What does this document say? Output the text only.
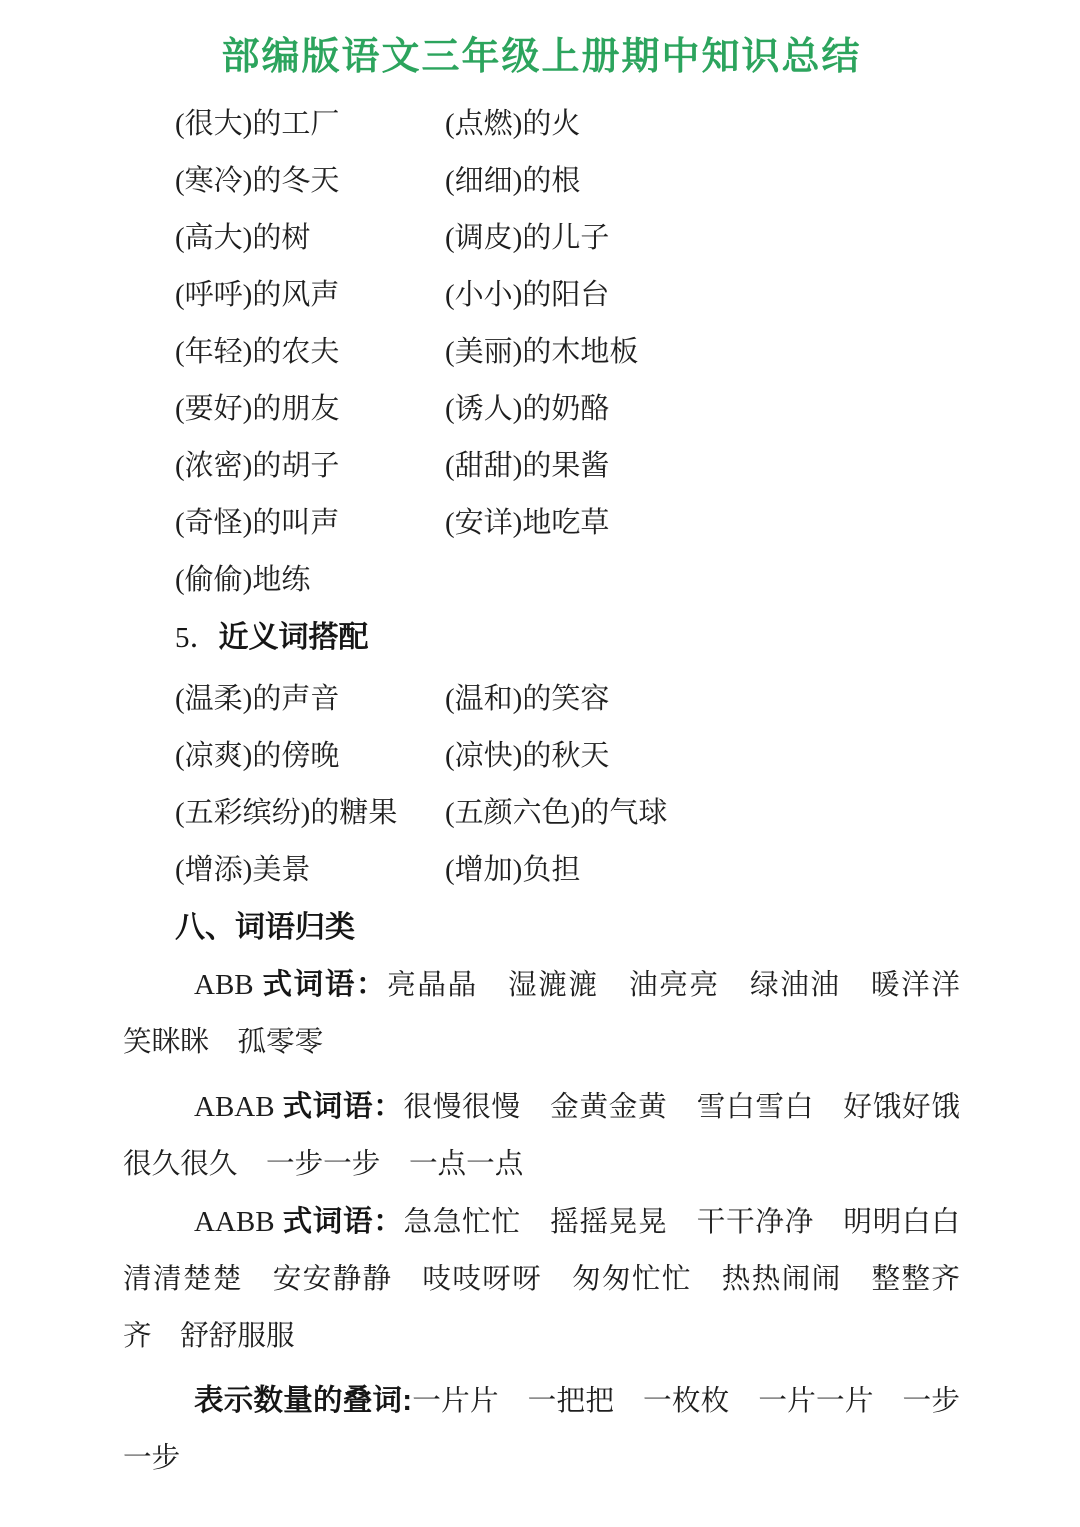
部编版语文三年级上册期中知识总结
(很大)的工厂	(点燃)的火
(寒冷)的冬天	(细细)的根
(高大)的树	(调皮)的儿子
(呼呼)的风声	(小小)的阳台
(年轻)的农夫	(美丽)的木地板
(要好)的朋友	(诱人)的奶酪
(浓密)的胡子	(甜甜)的果酱
(奇怪)的叫声	(安详)地吃草
(偷偷)地练
5．近义词搭配
(温柔)的声音	(温和)的笑容
(凉爽)的傍晚	(凉快)的秋天
(五彩缤纷)的糖果 (五颜六色)的气球
(增添)美景	(增加)负担
八、词语归类
ABB 式词语：亮晶晶　湿漉漉　油亮亮　绿油油　暖洋洋
笑眯眯　孤零零
ABAB 式词语：很慢很慢　金黄金黄　雪白雪白　好饿好饿
很久很久　一步一步　一点一点
AABB 式词语：急急忙忙　摇摇晃晃　干干净净　明明白白
清清楚楚　安安静静　吱吱呀呀　匆匆忙忙　热热闹闹　整整齐
齐　舒舒服服
表示数量的叠词:一片片　一把把　一枚枚　一片一片　一步
一步
